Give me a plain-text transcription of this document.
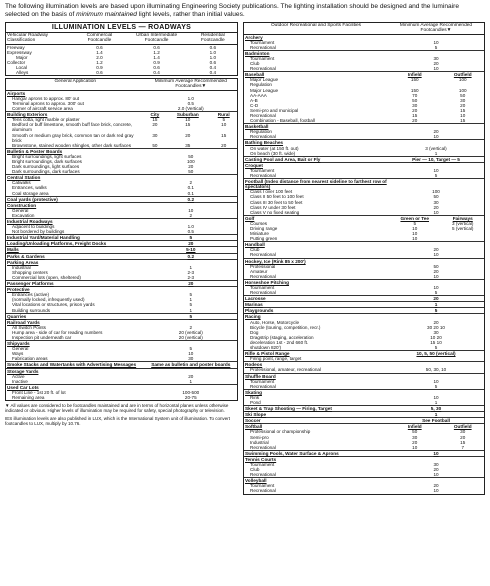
The following illumination levels are based upon illuminating Engineering Society publications. The lighting installation should be designed and the luminaire selected on the basis of minimum maintained light levels, rather than initial values.
ILLUMINATION LEVELS — ROADWAYS
Vehicular Roadway Classification	Commercial Footcandle	Urban Intermediate Footcandle	Residential Footcandle
Freeway	0.6	0.6	0.6
Expressway	1.4	1.2	1.0
Major	2.0	1.4	1.0
Collector	1.2	0.9	0.6
Local	0.9	0.6	0.4
Alleys	0.6	0.4	0.4
General Application	Minimum Average Recommended Footcandles▼		
Airports			
Hangar aprons to approx. 80' out	1.0		
Terminal aprons to approx. 300' out	0.5		
Corner of aircraft service area	2.0 (Vertical)		
Building Exteriors	City	Suburban	Rural
Tens cotta, light marble or plaster	15	10	5
Bedford or buff limestone, smooth buff face brick, concrete, aluminum	20	15	10
Smooth or medium gray brick, common tan or dark red gray brick	30	20	15
Brownstone, stained wooden shingles, other dark surfaces	50	35	20
Bulletin & Poster Boards			
Bright surroundings, light surfaces	50		
Bright surroundings, dark surfaces	100		
Dark surroundings, light surfaces	20		
Dark surroundings, dark surfaces	50		
Central Station			
Catwalks	2		
Entrances, walks	0.1		
Coal storage area	0.1		
Coal yards (protective)	0.2		
Construction			
General	10		
Excavation	2		
Industrial Roadways			
Adjacent to buildings	1.0		
Not bordered by buildings	0.5		
Industrial Yard/Material Handling	5		
Loading/Unloading Platforms, Freight Docks	20		
Malls	5-10		
Parks & Gardens	0.2		
Parking Areas			
Industrial	1		
Shopping centers	2-3		
Commercial lots (open, sheltered)	2-3		
Passenger Platforms	20		
Protective			
Entrances (active)	5		
(normally locked, infrequently used)	1		
Vital locations or structures, prison yards	5		
Building surrounds	1		
Quarries	5		
Railroad Yards			
All Switch Points	2		
Hump area - side of car for reading numbers	20 (vertical)		
Inspection pit underneath car	20 (vertical)		
Shipyards			
General	5		
Ways	10		
Fabrication areas	30		
Smoke Stacks and Watertanks with Advertising Messages	Same as bulletin and poster boards		
Storage Yards			
Active	20		
Inactive	1		
Used Car Lots			
Front Line - 1st 20 ft. of lot	100-500		
Remaining area	20-75		
▼ All values are considered to be footcandles maintained and are in terms of horizontal planes unless otherwise indicated or obvious. Higher levels of illumination may be required for safety, special photography or television.
IES illumination levels are also published in LUX, which is the International System unit of illumination. To convert footcandles to LUX, multiply by 10.76.
Outdoor Recreational and Sports Facilities	Minimum Average Recommended Footcandles▼	
Archery		
Tournament	10	
Recreational	5	
Badminton		
Tournament	30	
Club	20	
Recreational	10	
Baseball	Infield	Outfield
Major League	150	100
Regulation		
Major League	150	100
AA-AAA	70	50
A-B	50	30
C-D	30	20
Semi-pro and municipal	20	15
Recreational	15	10
Combination - Baseball, football	20	15
Basketball		
Regulation	20	
Recreational	10	
Bathing Beaches		
On water (at 150 ft. out)	3 (vertical)	
On beach (30 ft. wide)	1	
Casting Pool and Area, Bait or Fly	Pier — 10, Target — 5	
Croquet		
Tournament	10	
Recreational	5	
Football (Index distance from nearest sideline to farthest row of spectators)		
Class I over 100 feet	100	
Class II 50 feet to 100 feet	50	
Class III 30 feet to 50 feet	30	
Class IV under 30 feet	20	
Class V no fixed seating	10	
Golf	Green or Tee	Fairways
Courses	5	3 (vertical)
Driving range	10	5 (vertical)
Miniature	10	
Putting green	10	
Handball		
Club	20	
Recreational	10	
Hockey, Ice (Rink 85 x 200')		
Professional	50	
Amateur	20	
Recreational	10	
Horseshoe Pitching		
Tournament	10	
Recreational	5	
Lacrosse	20	
Marinas	1	
Playgrounds	5	
Racing		
Auto, Horse, Motorcycle	20	
Bicycle (touring, competition, recr.)	30 20 10	
Dog	30	
Dragstrip (staging, acceleration	10 20	
deceleration 1st - 2nd 660 ft.	15 10	
shutdown 820')	5	
Rifle & Pistol Range	10, 5, 50 (vertical)	
Firing point, range, target		
Rodeos		
Professional, amateur, recreational	50, 30, 10	
Shuffle Board		
Tournament	10	
Recreational	5	
Skating		
Rink	10	
Pond	1	
Skeet & Trap Shooting — Firing, Target	5, 30	
Ski Slope	1	
Soccer	See Football	
Softball	Infield	Outfield
Professional or championship	50	30
Semi-pro	30	20
Industrial	20	15
Recreational	10	7
Swimming Pools, Water Surface & Aprons	10	
Tennis Courts		
Tournament	30	
Club	20	
Recreational	10	
Volleyball		
Tournament	20	
Recreational	10	
